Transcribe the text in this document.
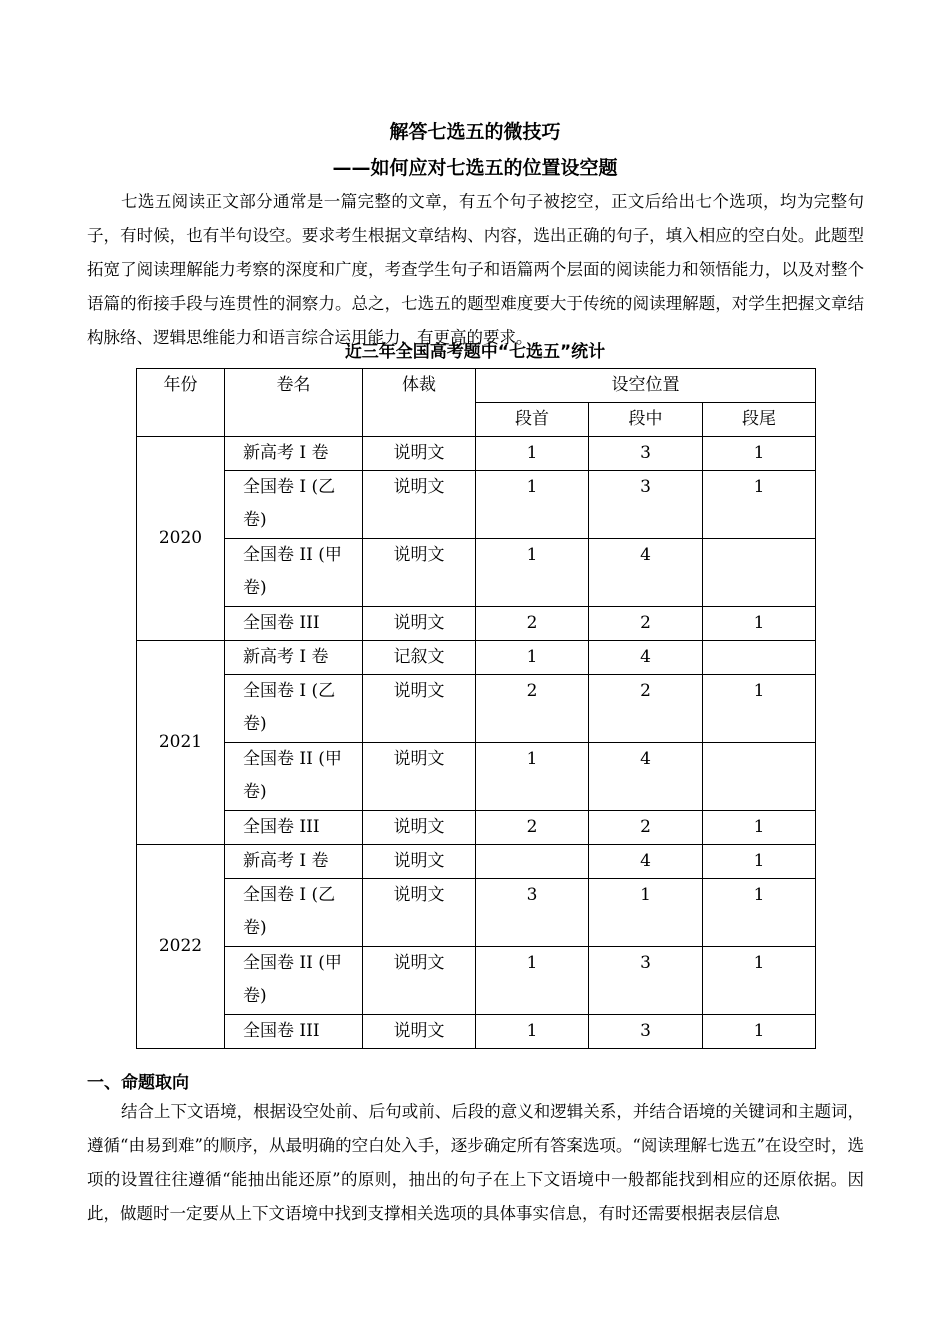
解答七选五的微技巧
——如何应对七选五的位置设空题
七选五阅读正文部分通常是一篇完整的文章，有五个句子被挖空，正文后给出七个选项，均为完整句子，有时候，也有半句设空。要求考生根据文章结构、内容，选出正确的句子，填入相应的空白处。此题型拓宽了阅读理解能力考察的深度和广度，考查学生句子和语篇两个层面的阅读能力和领悟能力，以及对整个语篇的衔接手段与连贯性的洞察力。总之，七选五的题型难度要大于传统的阅读理解题，对学生把握文章结构脉络、逻辑思维能力和语言综合运用能力，有更高的要求。
近三年全国高考题中“七选五”统计
年份	卷名	体裁	设空位置		
			段首	段中	段尾
2020	新高考 I 卷	说明文	1	3	1
	全国卷 I (乙卷)	说明文	1	3	1
	全国卷 II (甲卷)	说明文	1	4	
	全国卷 III	说明文	2	2	1
2021	新高考 I 卷	记叙文	1	4	
	全国卷 I (乙卷)	说明文	2	2	1
	全国卷 II (甲卷)	说明文	1	4	
	全国卷 III	说明文	2	2	1
2022	新高考 I 卷	说明文		4	1
	全国卷 I (乙卷)	说明文	3	1	1
	全国卷 II (甲卷)	说明文	1	3	1
	全国卷 III	说明文	1	3	1
一、命题取向
结合上下文语境，根据设空处前、后句或前、后段的意义和逻辑关系，并结合语境的关键词和主题词，遵循“由易到难”的顺序，从最明确的空白处入手，逐步确定所有答案选项。“阅读理解七选五”在设空时，选项的设置往往遵循“能抽出能还原”的原则，抽出的句子在上下文语境中一般都能找到相应的还原依据。因此，做题时一定要从上下文语境中找到支撑相关选项的具体事实信息，有时还需要根据表层信息
